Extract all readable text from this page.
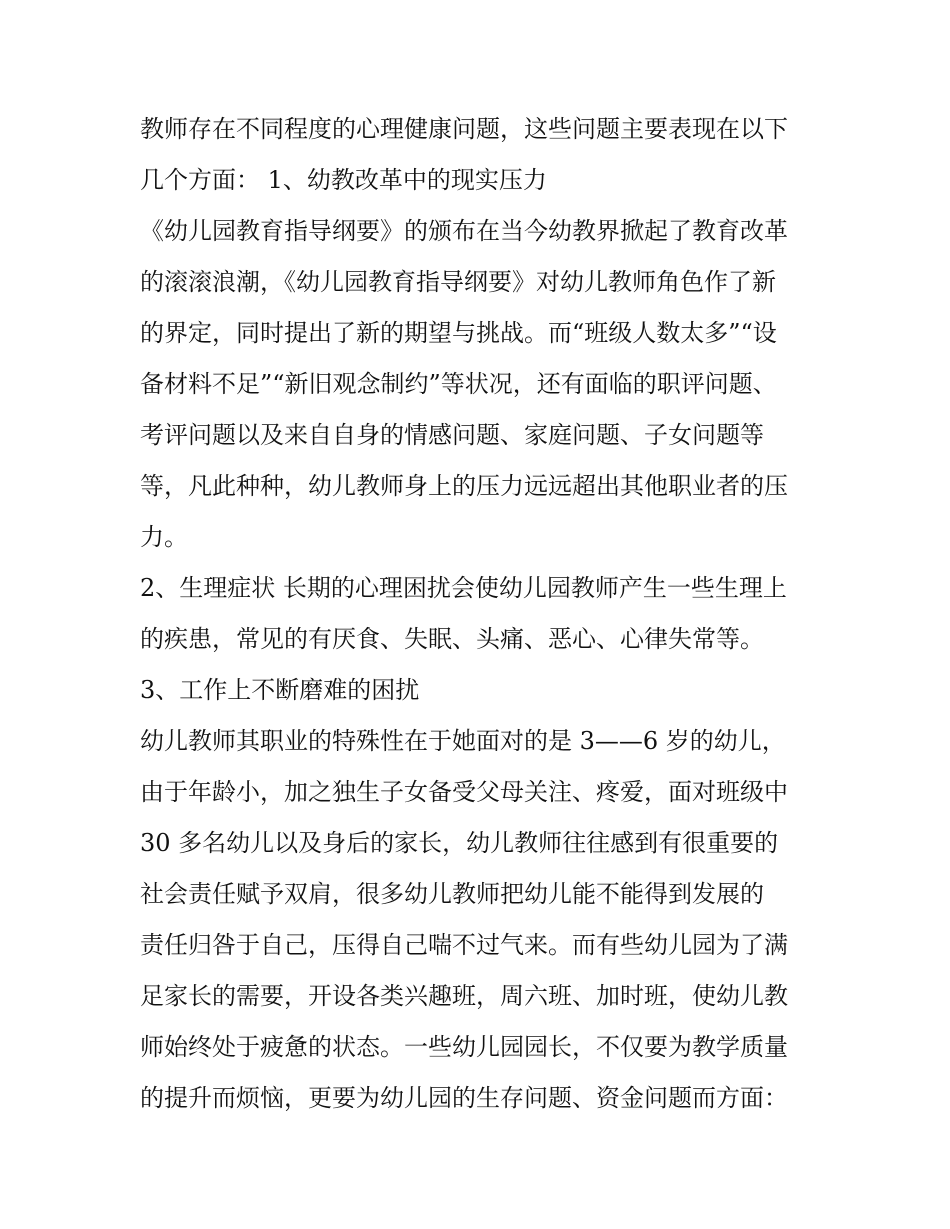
教师存在不同程度的心理健康问题，这些问题主要表现在以下
几个方面： 1、幼教改革中的现实压力
《幼儿园教育指导纲要》的颁布在当今幼教界掀起了教育改革
的滚滚浪潮，《幼儿园教育指导纲要》对幼儿教师角色作了新
的界定，同时提出了新的期望与挑战。而“班级人数太多”“设
备材料不足”“新旧观念制约”等状况，还有面临的职评问题、
考评问题以及来自自身的情感问题、家庭问题、子女问题等
等，凡此种种，幼儿教师身上的压力远远超出其他职业者的压
力。
2、生理症状 长期的心理困扰会使幼儿园教师产生一些生理上
的疾患，常见的有厌食、失眠、头痛、恶心、心律失常等。
3、工作上不断磨难的困扰
幼儿教师其职业的特殊性在于她面对的是 3——6 岁的幼儿，
由于年龄小，加之独生子女备受父母关注、疼爱，面对班级中
30 多名幼儿以及身后的家长，幼儿教师往往感到有很重要的
社会责任赋予双肩，很多幼儿教师把幼儿能不能得到发展的
责任归咎于自己，压得自己喘不过气来。而有些幼儿园为了满
足家长的需要，开设各类兴趣班，周六班、加时班，使幼儿教
师始终处于疲惫的状态。一些幼儿园园长，不仅要为教学质量
的提升而烦恼，更要为幼儿园的生存问题、资金问题而方面：
